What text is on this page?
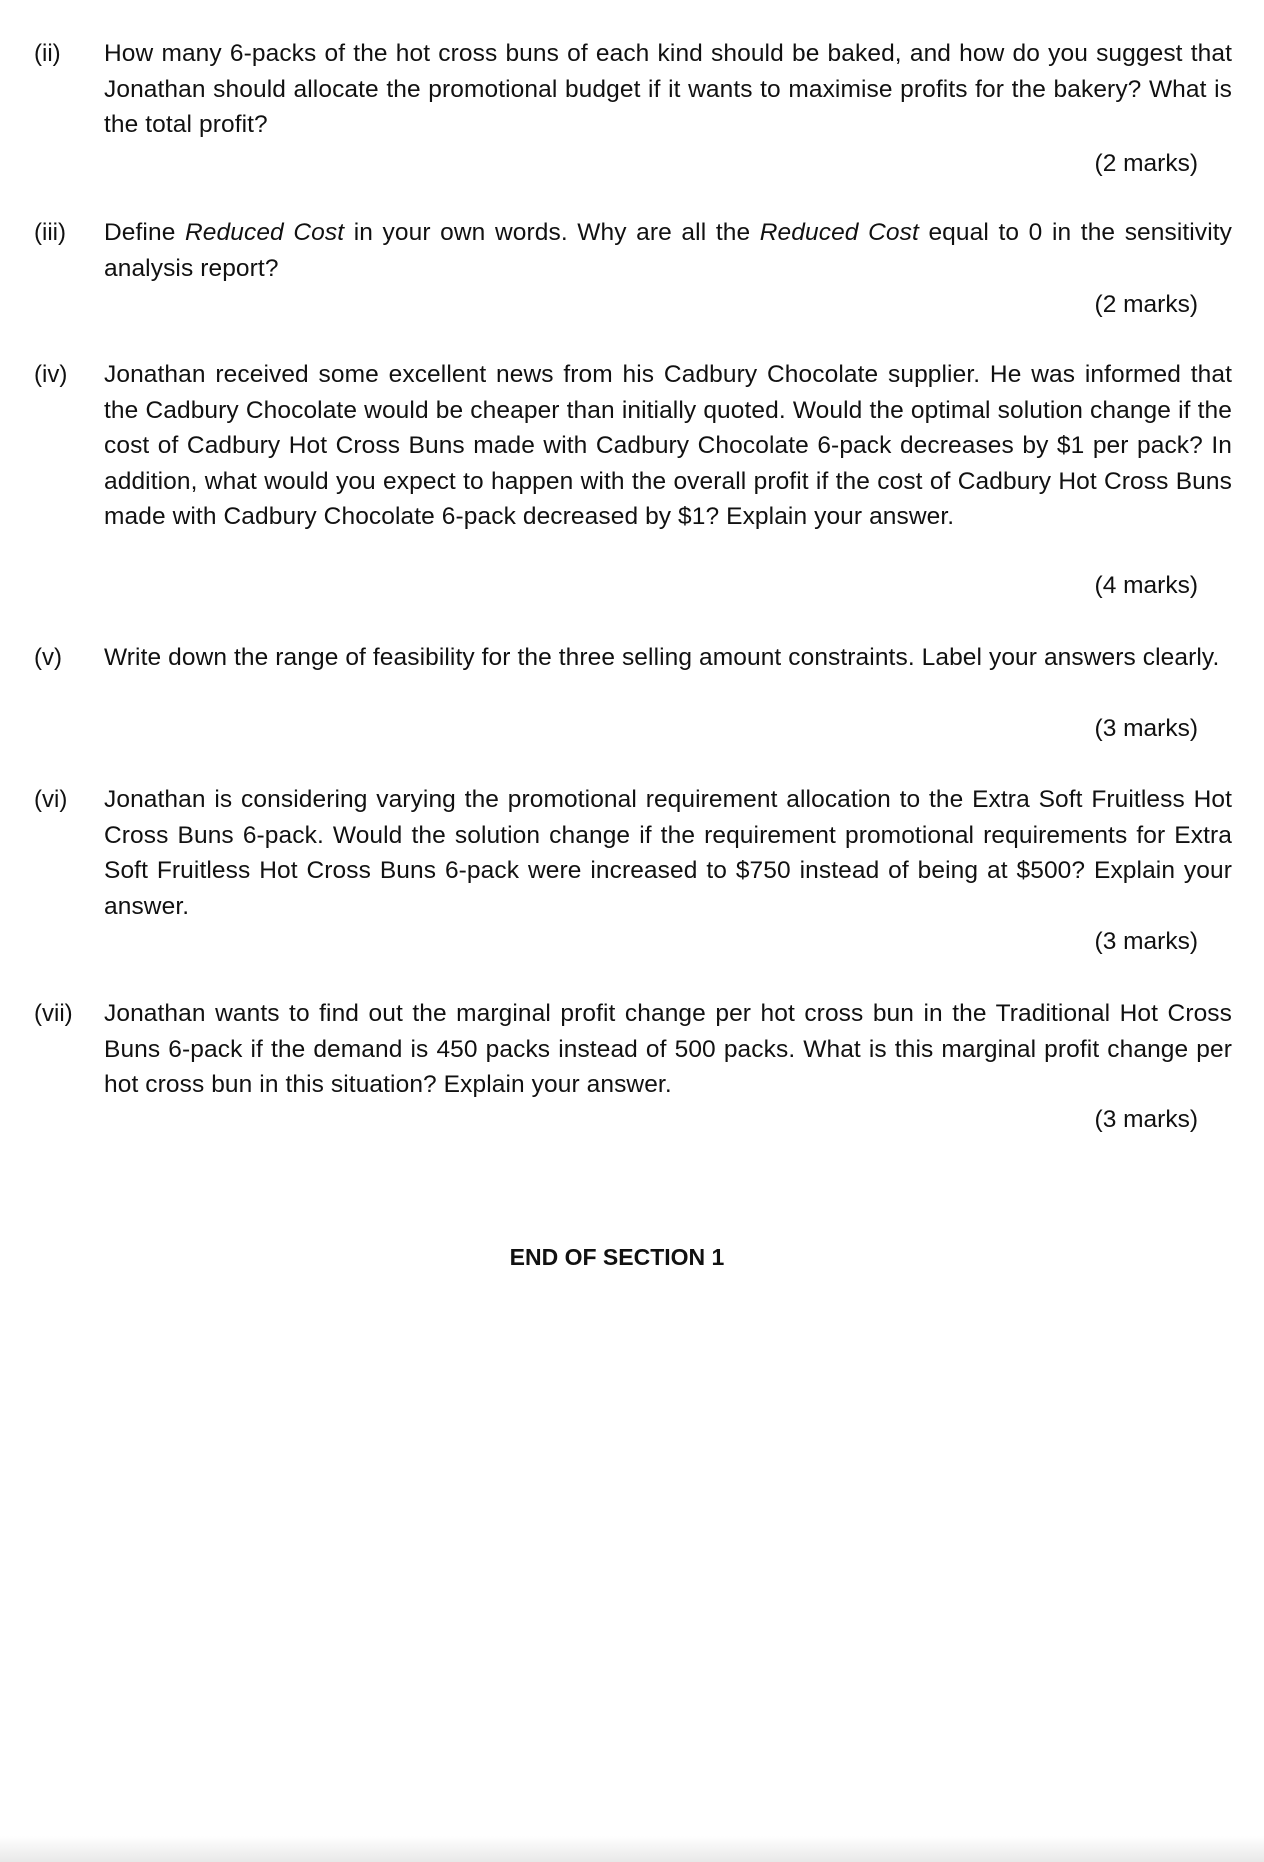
(ii) How many 6-packs of the hot cross buns of each kind should be baked, and how do you suggest that Jonathan should allocate the promotional budget if it wants to maximise profits for the bakery? What is the total profit?
(2 marks)
(iii) Define Reduced Cost in your own words. Why are all the Reduced Cost equal to 0 in the sensitivity analysis report?
(2 marks)
(iv) Jonathan received some excellent news from his Cadbury Chocolate supplier. He was informed that the Cadbury Chocolate would be cheaper than initially quoted. Would the optimal solution change if the cost of Cadbury Hot Cross Buns made with Cadbury Chocolate 6-pack decreases by $1 per pack? In addition, what would you expect to happen with the overall profit if the cost of Cadbury Hot Cross Buns made with Cadbury Chocolate 6-pack decreased by $1? Explain your answer.
(4 marks)
(v) Write down the range of feasibility for the three selling amount constraints. Label your answers clearly.
(3 marks)
(vi) Jonathan is considering varying the promotional requirement allocation to the Extra Soft Fruitless Hot Cross Buns 6-pack. Would the solution change if the requirement promotional requirements for Extra Soft Fruitless Hot Cross Buns 6-pack were increased to $750 instead of being at $500? Explain your answer.
(3 marks)
(vii) Jonathan wants to find out the marginal profit change per hot cross bun in the Traditional Hot Cross Buns 6-pack if the demand is 450 packs instead of 500 packs. What is this marginal profit change per hot cross bun in this situation? Explain your answer.
(3 marks)
END OF SECTION 1
